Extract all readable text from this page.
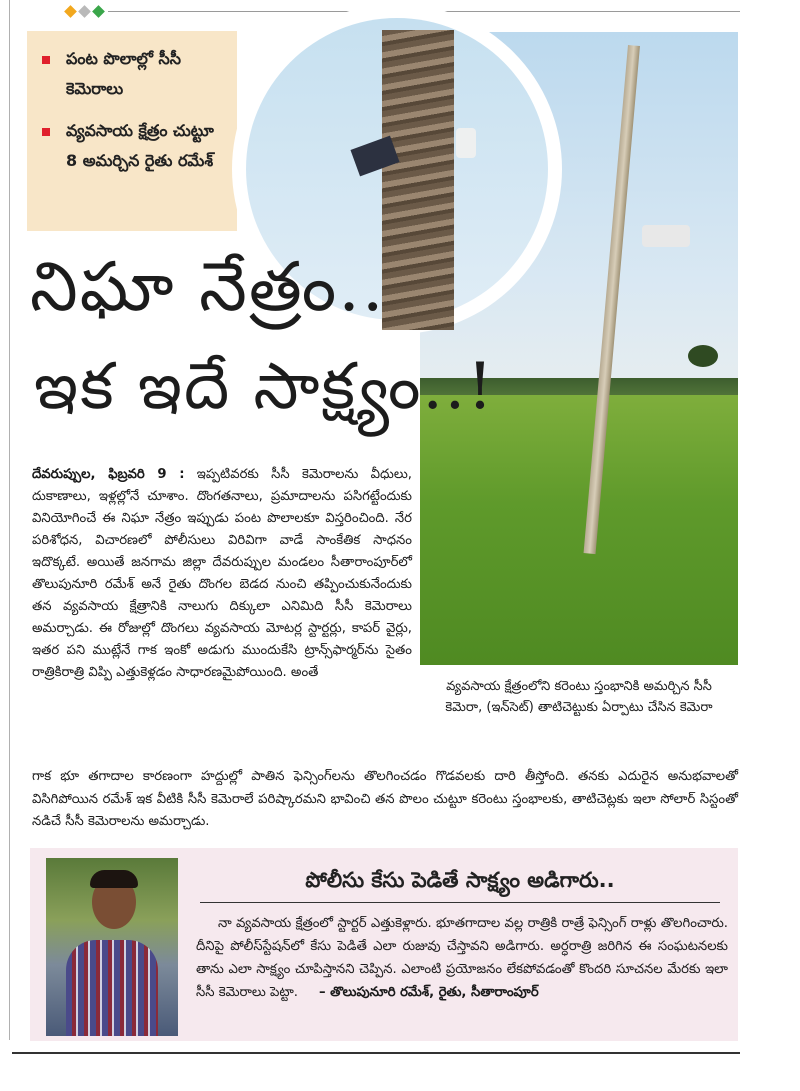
పంట పొలాల్లో సీసీ కెమెరాలు
వ్యవసాయ క్షేత్రం చుట్టూ 8 అమర్చిన రైతు రమేశ్
నిఘా నేత్రం..
ఇక ఇదే సాక్ష్యం..!
దేవరుప్పుల, ఫిబ్రవరి 9 : ఇప్పటివరకు సీసీ కెమెరాలను వీధులు, దుకాణాలు, ఇళ్లల్లోనే చూశాం. దొంగతనాలు, ప్రమాదాలను పసిగట్టేందుకు వినియోగించే ఈ నిఘా నేత్రం ఇప్పుడు పంట పొలాలకూ విస్తరించింది. నేర పరిశోధన, విచారణలో పోలీసులు విరివిగా వాడే సాంకేతిక సాధనం ఇదొక్కటే. అయితే జనగామ జిల్లా దేవరుప్పుల మండలం సీతారాంపూర్‌లో తొలుపునూరి రమేశ్ అనే రైతు దొంగల బెడద నుంచి తప్పించుకునేందుకు తన వ్యవసాయ క్షేత్రానికి నాలుగు దిక్కులా ఎనిమిది సీసీ కెమెరాలు అమర్చాడు. ఈ రోజుల్లో దొంగలు వ్యవసాయ మోటర్ల స్టార్టర్లు, కాపర్ వైర్లు, ఇతర పని ముట్లేనే గాక ఇంకో అడుగు ముందుకేసి ట్రాన్స్‌ఫార్మర్‌ను సైతం రాత్రికిరాత్రి విప్పి ఎత్తుకెళ్లడం సాధారణమైపోయింది. అంతే
వ్యవసాయ క్షేత్రంలోని కరెంటు స్తంభానికి అమర్చిన సీసీ కెమెరా, (ఇన్‌సెట్) తాటిచెట్టుకు ఏర్పాటు చేసిన కెమెరా
గాక భూ తగాదాల కారణంగా హద్దుల్లో పాతిన ఫెన్సింగ్‌లను తొలగించడం గొడవలకు దారి తీస్తోంది. తనకు ఎదురైన అనుభవాలతో విసిగిపోయిన రమేశ్ ఇక వీటికి సీసీ కెమెరాలే పరిష్కారమని భావించి తన పొలం చుట్టూ కరెంటు స్తంభాలకు, తాటిచెట్లకు ఇలా సోలార్ సిస్టంతో నడిచే సీసీ కెమెరాలను అమర్చాడు.
పోలీసు కేసు పెడితే సాక్ష్యం అడిగారు..
నా వ్యవసాయ క్షేత్రంలో స్టార్టర్ ఎత్తుకెళ్లారు. భూతగాదాల వల్ల రాత్రికి రాత్రే ఫెన్సింగ్ రాళ్లు తొలగించారు. దీనిపై పోలీస్‌స్టేషన్‌లో కేసు పెడితే ఎలా రుజువు చేస్తావని అడిగారు. అర్ధరాత్రి జరిగిన ఈ సంఘటనలకు తాను ఎలా సాక్ష్యం చూపిస్తానని చెప్పిన. ఎలాంటి ప్రయోజనం లేకపోవడంతో కొందరి సూచనల మేరకు ఇలా సీసీ కెమెరాలు పెట్టా. – తొలుపునూరి రమేశ్, రైతు, సీతారాంపూర్
